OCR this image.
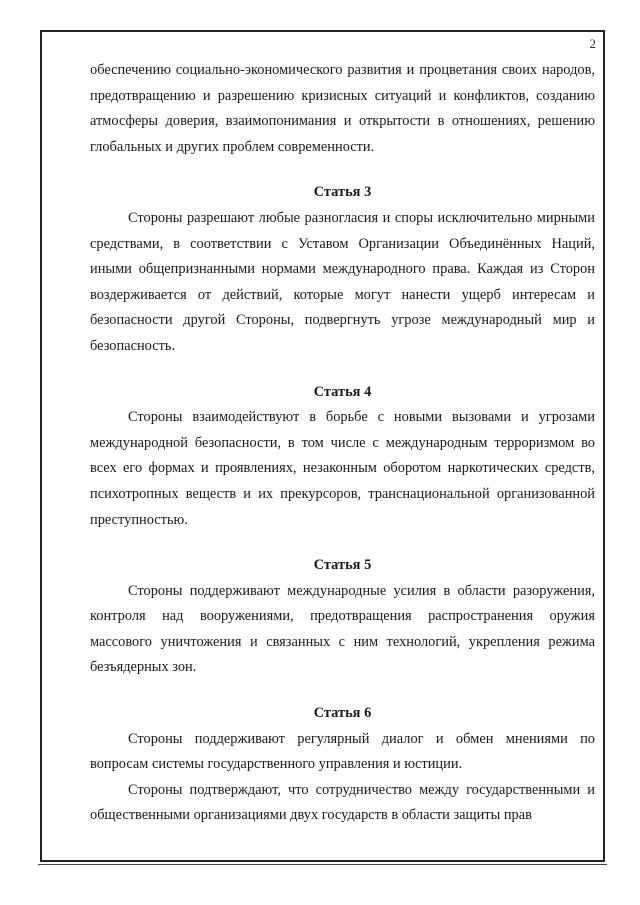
2

обеспечению социально-экономического развития и процветания своих народов, предотвращению и разрешению кризисных ситуаций и конфликтов, созданию атмосферы доверия, взаимопонимания и открытости в отношениях, решению глобальных и других проблем современности.

Статья 3

Стороны разрешают любые разногласия и споры исключительно мирными средствами, в соответствии с Уставом Организации Объединённых Наций, иными общепризнанными нормами международного права. Каждая из Сторон воздерживается от действий, которые могут нанести ущерб интересам и безопасности другой Стороны, подвергнуть угрозе международный мир и безопасность.

Статья 4

Стороны взаимодействуют в борьбе с новыми вызовами и угрозами международной безопасности, в том числе с международным терроризмом во всех его формах и проявлениях, незаконным оборотом наркотических средств, психотропных веществ и их прекурсоров, транснациональной организованной преступностью.

Статья 5

Стороны поддерживают международные усилия в области разоружения, контроля над вооружениями, предотвращения распространения оружия массового уничтожения и связанных с ним технологий, укрепления режима безъядерных зон.

Статья 6

Стороны поддерживают регулярный диалог и обмен мнениями по вопросам системы государственного управления и юстиции.

Стороны подтверждают, что сотрудничество между государственными и общественными организациями двух государств в области защиты прав
